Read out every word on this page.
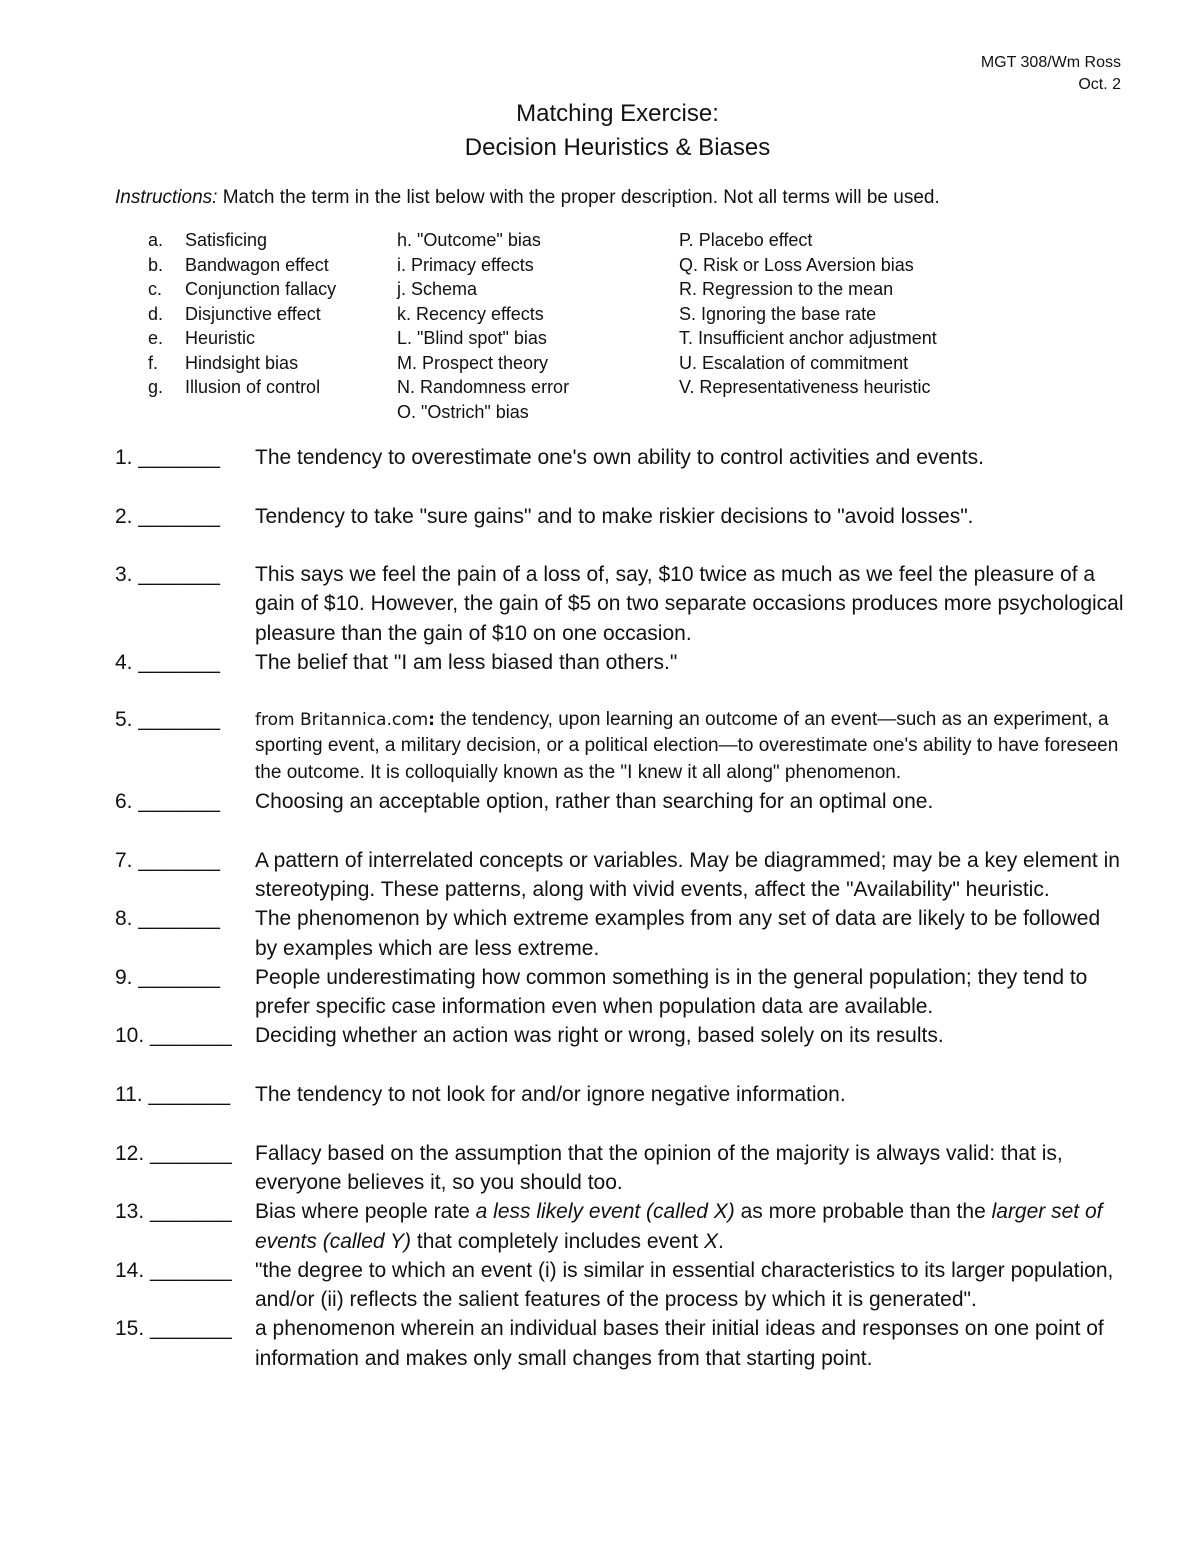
MGT 308/Wm Ross
Oct. 2
Matching Exercise:
Decision Heuristics & Biases
Instructions: Match the term in the list below with the proper description. Not all terms will be used.
a. Satisficing
b. Bandwagon effect
c. Conjunction fallacy
d. Disjunctive effect
e. Heuristic
f. Hindsight bias
g. Illusion of control
h. "Outcome" bias
i. Primacy effects
j. Schema
k. Recency effects
L. "Blind spot" bias
M. Prospect theory
N. Randomness error
O. "Ostrich" bias
P. Placebo effect
Q. Risk or Loss Aversion bias
R. Regression to the mean
S. Ignoring the base rate
T. Insufficient anchor adjustment
U. Escalation of commitment
V. Representativeness heuristic
1. _______	The tendency to overestimate one's own ability to control activities and events.
2. _______	Tendency to take "sure gains" and to make riskier decisions to "avoid losses".
3. _______	This says we feel the pain of a loss of, say, $10 twice as much as we feel the pleasure of a gain of $10. However, the gain of $5 on two separate occasions produces more psychological pleasure than the gain of $10 on one occasion.
4. _______	The belief that "I am less biased than others."
5. _______	from Britannica.com: the tendency, upon learning an outcome of an event—such as an experiment, a sporting event, a military decision, or a political election—to overestimate one's ability to have foreseen the outcome. It is colloquially known as the "I knew it all along" phenomenon.
6. _______	Choosing an acceptable option, rather than searching for an optimal one.
7. _______	A pattern of interrelated concepts or variables. May be diagrammed; may be a key element in stereotyping. These patterns, along with vivid events, affect the "Availability" heuristic.
8. _______	The phenomenon by which extreme examples from any set of data are likely to be followed by examples which are less extreme.
9. _______	People underestimating how common something is in the general population; they tend to prefer specific case information even when population data are available.
10. _______	Deciding whether an action was right or wrong, based solely on its results.
11. _______	The tendency to not look for and/or ignore negative information.
12. _______	Fallacy based on the assumption that the opinion of the majority is always valid: that is, everyone believes it, so you should too.
13. _______	Bias where people rate a less likely event (called X) as more probable than the larger set of events (called Y) that completely includes event X.
14. _______	"the degree to which an event (i) is similar in essential characteristics to its larger population, and/or (ii) reflects the salient features of the process by which it is generated".
15. _______	a phenomenon wherein an individual bases their initial ideas and responses on one point of information and makes only small changes from that starting point.
